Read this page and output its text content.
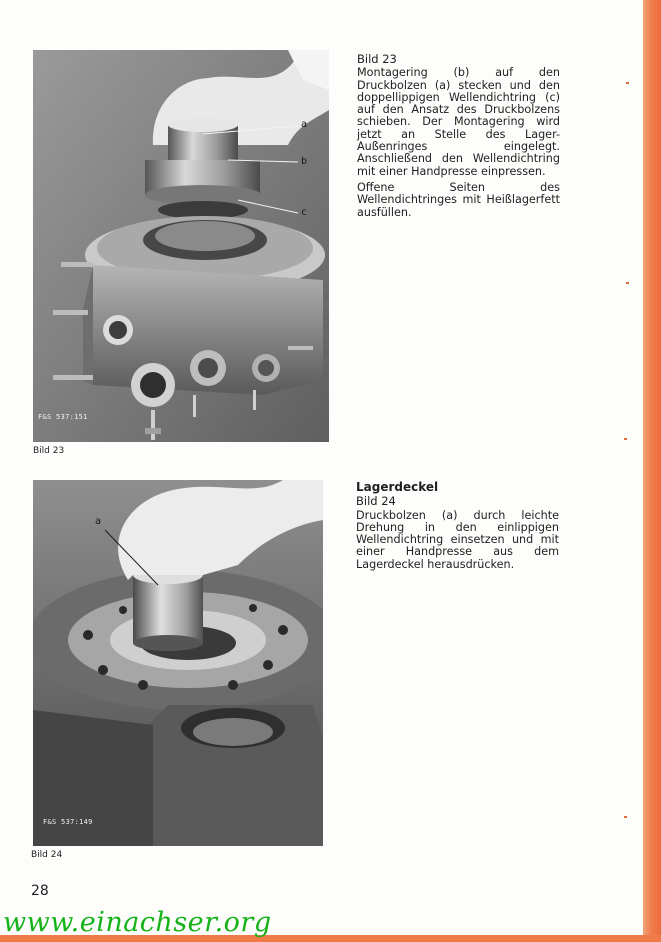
F&S 537:151
a
b
c
Bild 23
Bild 23

Montagering (b) auf den Druckbolzen (a) stecken und den doppellippigen Wellendichtring (c) auf den Ansatz des Druckbolzens schieben. Der Montagering wird jetzt an Stelle des Lager-Außenringes eingelegt. Anschließend den Wellendichtring mit einer Handpresse einpressen.

Offene Seiten des Wellendichtringes mit Heißlagerfett ausfüllen.

a
F&S 537:149
Bild 24
Lagerdeckel
Bild 24

Druckbolzen (a) durch leichte Drehung in den einlippigen Wellendichtring einsetzen und mit einer Handpresse aus dem Lagerdeckel herausdrücken.

28
www.einachser.org
